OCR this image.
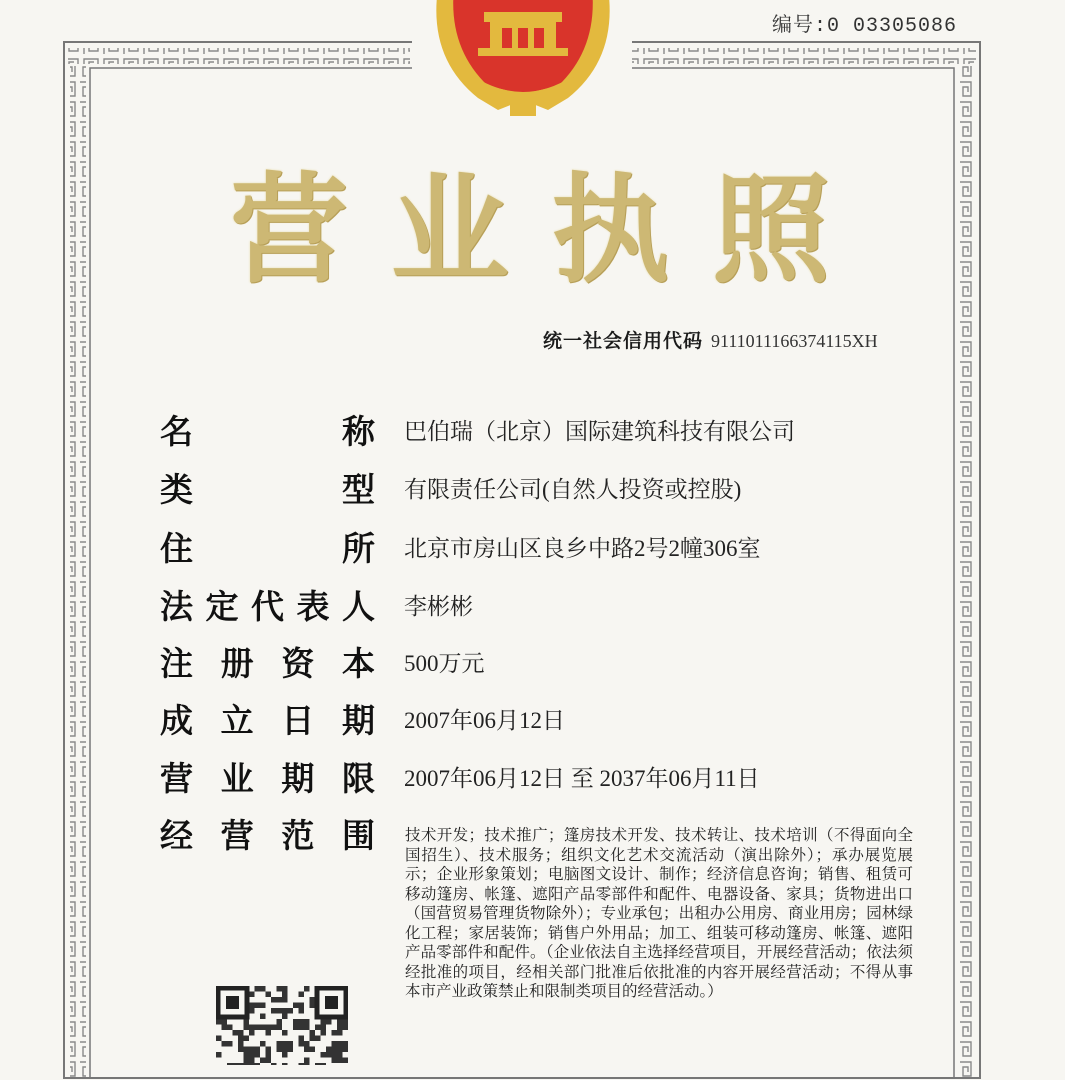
编号:0 03305086
营 业 执 照
统一社会信用代码 91110111663741​15XH
名	称 巴伯瑞（北京）国际建筑科技有限公司
类	型 有限责任公司(自然人投资或控股)
住	所 北京市房山区良乡中路2号2幢306室
法 定 代 表 人 李彬彬
注 册 资 本 500万元
成 立 日 期 2007年06月12日
营 业 期 限 2007年06月12日 至 2037年06月11日
经 营 范 围 技术开发；技术推广；篷房技术开发、技术转让、技术培训（不得面向全国招生）、技术服务；组织文化艺术交流活动（演出除外）；承办展览展示；企业形象策划；电脑图文设计、制作；经济信息咨询；销售、租赁可移动篷房、帐篷、遮阳产品零部件和配件、电器设备、家具；货物进出口（国营贸易管理货物除外）；专业承包；出租办公用房、商业用房；园林绿化工程；家居装饰；销售户外用品；加工、组装可移动篷房、帐篷、遮阳产品零部件和配件。（企业依法自主选择经营项目，开展经营活动；依法须经批准的项目，经相关部门批准后依批准的内容开展经营活动；不得从事本市产业政策禁止和限制类项目的经营活动。）
